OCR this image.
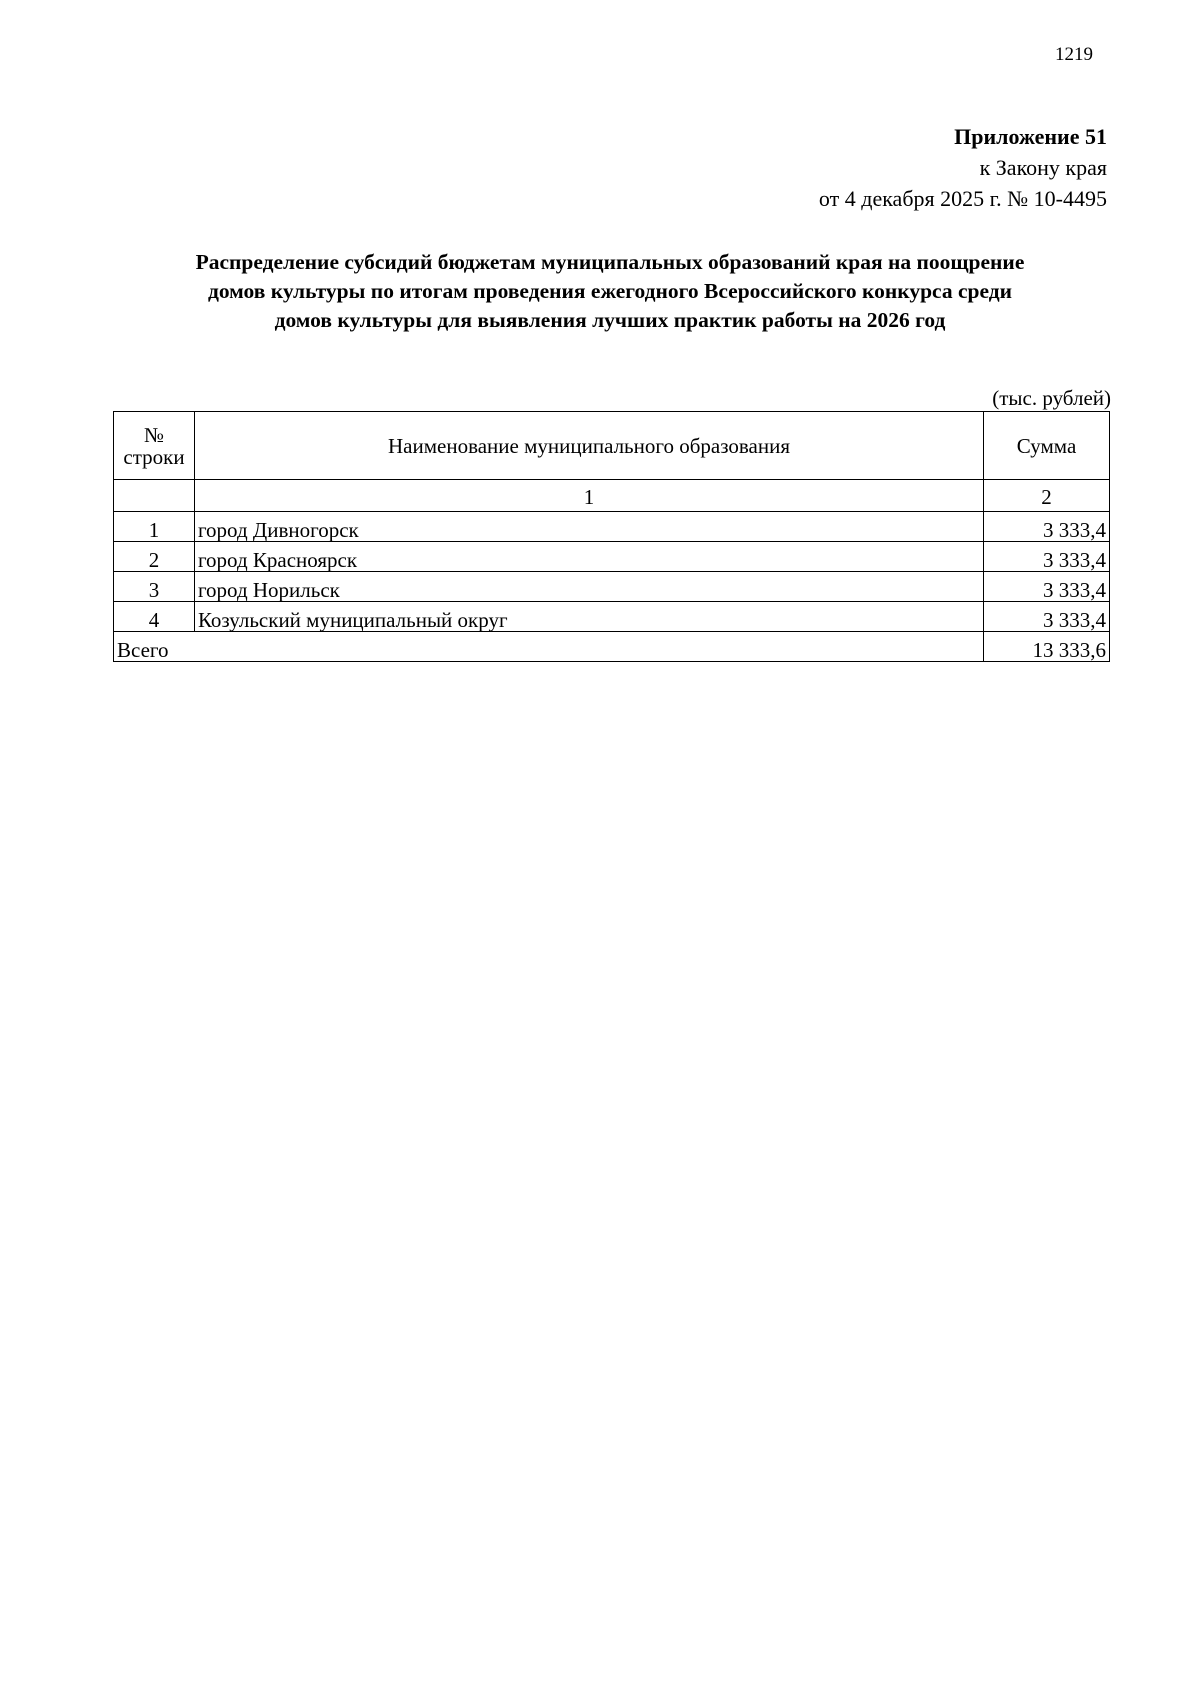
1219
Приложение 51
к Закону края
от 4 декабря 2025 г. № 10-4495
Распределение субсидий бюджетам муниципальных образований края на поощрение
домов культуры по итогам проведения ежегодного Всероссийского конкурса среди
домов культуры для выявления лучших практик работы на 2026 год
(тыс. рублей)
№
строки	Наименование муниципального образования	Сумма
	1	2
1	город Дивногорск	3 333,4
2	город Красноярск	3 333,4
3	город Норильск	3 333,4
4	Козульский муниципальный округ	3 333,4
Всего		13 333,6
